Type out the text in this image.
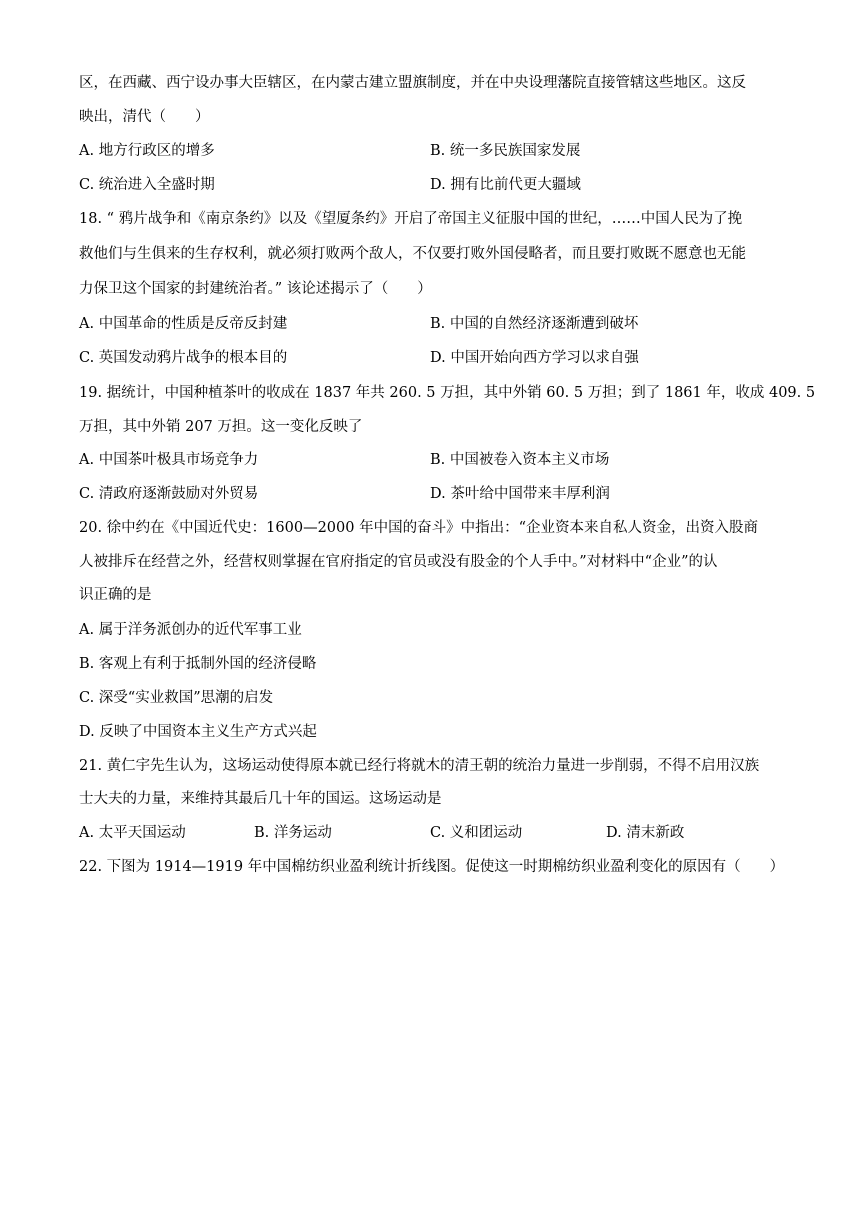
区，在西藏、西宁设办事大臣辖区，在内蒙古建立盟旗制度，并在中央设理藩院直接管辖这些地区。这反
映出，清代（　　）
A. 地方行政区的增多	B. 统一多民族国家发展
C. 统治进入全盛时期	D. 拥有比前代更大疆域
18. “ 鸦片战争和《南京条约》以及《望厦条约》开启了帝国主义征服中国的世纪，……中国人民为了挽
救他们与生俱来的生存权利，就必须打败两个敌人，不仅要打败外国侵略者，而且要打败既不愿意也无能
力保卫这个国家的封建统治者。” 该论述揭示了（　　）
A. 中国革命的性质是反帝反封建	B. 中国的自然经济逐渐遭到破坏
C. 英国发动鸦片战争的根本目的	D. 中国开始向西方学习以求自强
19. 据统计，中国种植茶叶的收成在 1837 年共 260. 5 万担，其中外销 60. 5 万担；到了 1861 年，收成 409. 5
万担，其中外销 207 万担。这一变化反映了
A. 中国茶叶极具市场竞争力	B. 中国被卷入资本主义市场
C. 清政府逐渐鼓励对外贸易	D. 茶叶给中国带来丰厚利润
20. 徐中约在《中国近代史：1600—2000 年中国的奋斗》中指出：“企业资本来自私人资金，出资入股商
人被排斥在经营之外，经营权则掌握在官府指定的官员或没有股金的个人手中。”对材料中“企业”的认
识正确的是
A. 属于洋务派创办的近代军事工业
B. 客观上有利于抵制外国的经济侵略
C. 深受“实业救国”思潮的启发
D. 反映了中国资本主义生产方式兴起
21. 黄仁宇先生认为，这场运动使得原本就已经行将就木的清王朝的统治力量进一步削弱，不得不启用汉族
士大夫的力量，来维持其最后几十年的国运。这场运动是
A. 太平天国运动	B. 洋务运动	C. 义和团运动	D. 清末新政
22. 下图为 1914—1919 年中国棉纺织业盈利统计折线图。促使这一时期棉纺织业盈利变化的原因有（　　）
